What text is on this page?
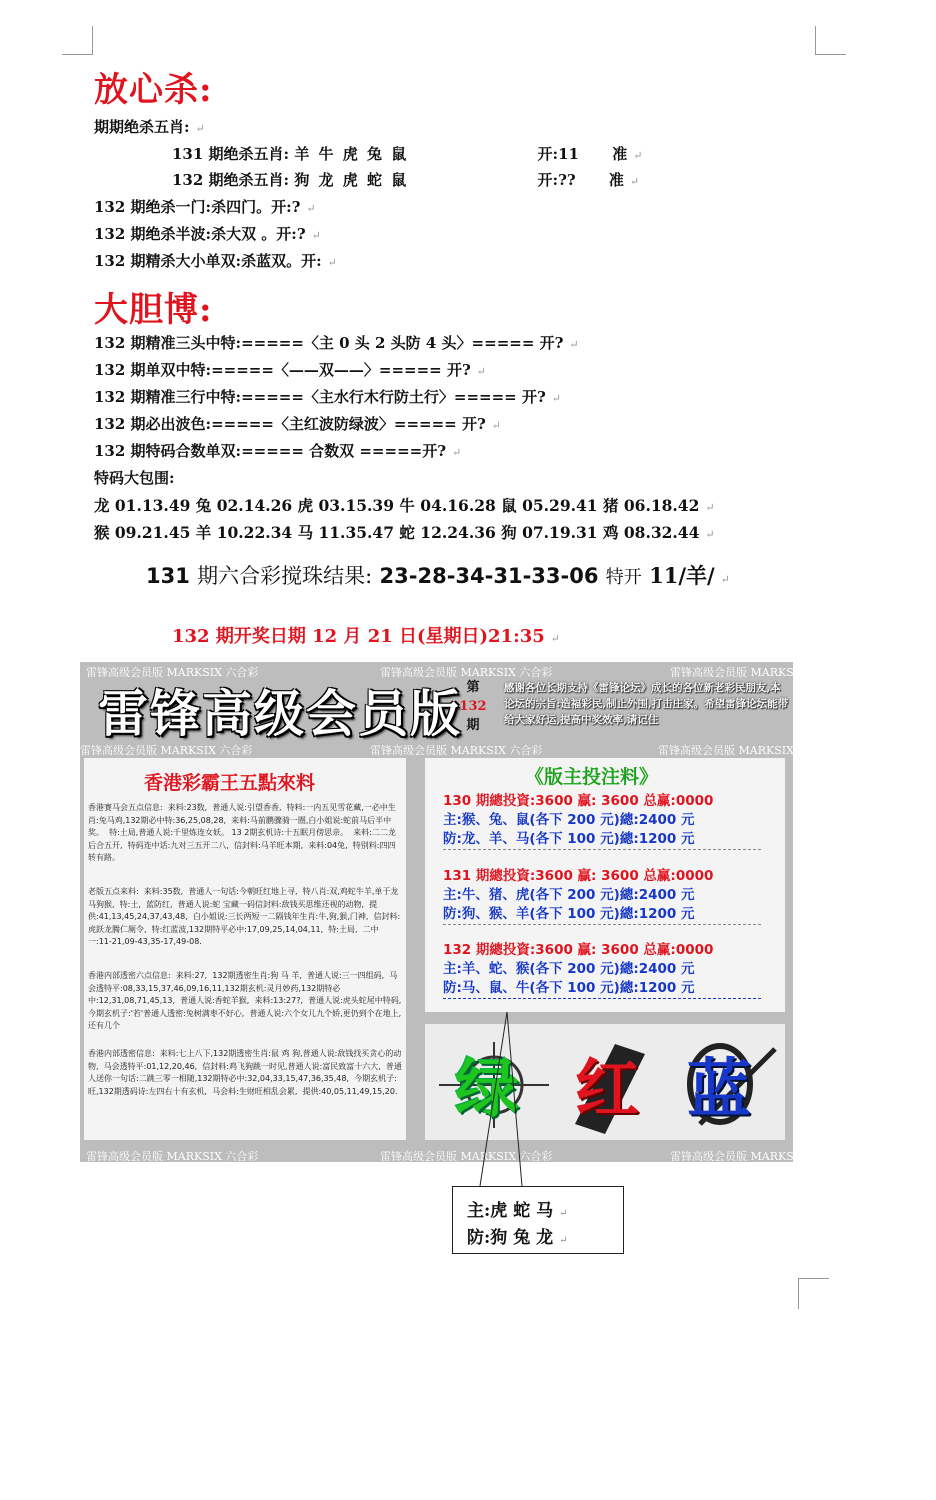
放心杀:
期期绝杀五肖: ↵
131 期绝杀五肖: 羊 牛 虎 兔 鼠	开:11 准 ↵
132 期绝杀五肖: 狗 龙 虎 蛇 鼠	开:?? 准 ↵
132 期绝杀一门:杀四门。开:? ↵
132 期绝杀半波:杀大双 。开:? ↵
132 期精杀大小单双:杀蓝双。开: ↵
大胆博:
132 期精准三头中特:=====〈主 0 头 2 头防 4 头〉===== 开? ↵
132 期单双中特:=====〈——双——〉===== 开? ↵
132 期精准三行中特:=====〈主水行木行防土行〉===== 开? ↵
132 期必出波色:=====〈主红波防绿波〉===== 开? ↵
132 期特码合数单双:===== 合数双 =====开? ↵
特码大包围:
龙 01.13.49 兔 02.14.26 虎 03.15.39 牛 04.16.28 鼠 05.29.41 猪 06.18.42 ↵
猴 09.21.45 羊 10.22.34 马 11.35.47 蛇 12.24.36 狗 07.19.31 鸡 08.32.44 ↵
131 期六合彩搅珠结果: 23-28-34-31-33-06 特开 11/羊/ ↵
132 期开奖日期 12 月 21 日(星期日)21:35 ↵
雷锋高级会员版 MARKSIX 六合彩	雷锋高级会员版 MARKSIX 六合彩	雷锋高级会员版 MARKSIX 六合彩
雷锋高级会员版 MARKSIX 六合彩	雷锋高级会员版 MARKSIX 六合彩	雷锋高级会员版 MARKSIX 六合彩
雷锋高级会员版 MARKSIX 六合彩	雷锋高级会员版 MARKSIX 六合彩	雷锋高级会员版 MARKSIX 六合彩
雷锋高级会员版 第
132
期
感谢各位长期支持《雷锋论坛》成长的各位新老彩民朋友,本论坛的宗旨:造福彩民,制止外围,打击庄家。希望雷锋论坛能带给大家好运,提高中奖效率,请记住
香港彩霸王五點來料
香港赛马会五点信息:  来料:23数,  普通人说:引望香香,  特料:一内五见雪花藏,一必中生肖:兔马鸡,132期必中特:36,25,08,28,  来料:马前鹏骤骑一圈,白小姐说:蛇前马后半中奖。  特:土局,普通人说:千里炼连女妖。 13 2期玄机诗:十五眠月傍思亲。  来料:二二龙后合五开,  特码连中话:九对三五开二八,  信封料:马羊旺本期,  来料:04兔,  特别料:四四转有路。
老版五点来料:  来料:35数,  普通人一句话:今朝旺红地上寻,  特八肖:双,鸡蛇牛羊,单于龙马狗猴,  特:土,  蓝防红,  普通人说:蛇 宝藏一码信封料:敌钱买思维还视的动物,  提供:41,13,45,24,37,43,48,  白小姐说:三长两短一二隔钱年生肖:牛,狗,猴,门神,  信封料:虎跃龙腾仁厕令,  特:红蓝波,132期特平必中:17,09,25,14,04,11,  特:土局,  二中一:11-21,09-43,35-17,49-08.
香港内部透密六点信息:  来料:27,  132期透密生肖:狗 马 羊,  普通人说:三一四组码,  马会透特平:08,33,15,37,46,09,16,11,132期玄机:灵月妙药,132期特必中:12,31,08,71,45,13,  普通人说:香蛇羊猴,  来料:13:27?,  普通人说:虎头蛇尾中特码,今期玄机子:'若'普通人透密:兔树满枣不好心,  普通人说:六个女儿九个娇,更仍到个在地上,还有几个
香港内部透密信息:  来料:七上八下,132期透密生肖:鼠 鸡 狗,普通人说:敌钱找买贪心的动物,  马会透特平:01,12,20,46,  信封料:鸡飞狗跳一时见,普通人说:富民致富十六大,  普通人送你一句话:二跳三零一相随,132期特必中:32,04,33,15,47,36,35,48,  今期玄机子:旺,132期透码诗:左四右十有玄机,  马会料:生财旺相乱会累,  提供:40,05,11,49,15,20.
《版主投注料》
130 期總投資:3600 贏: 3600 总赢:0000
主:猴、兔、鼠(各下 200 元)總:2400 元
防:龙、羊、马(各下 100 元)總:1200 元
131 期總投資:3600 贏: 3600 总赢:0000
主:牛、猪、虎(各下 200 元)總:2400 元
防:狗、猴、羊(各下 100 元)總:1200 元
132 期總投資:3600 贏: 3600 总赢:0000
主:羊、蛇、猴(各下 200 元)總:2400 元
防:马、鼠、牛(各下 100 元)總:1200 元
绿 红 蓝
主:虎 蛇 马 ↵
防:狗 兔 龙 ↵
